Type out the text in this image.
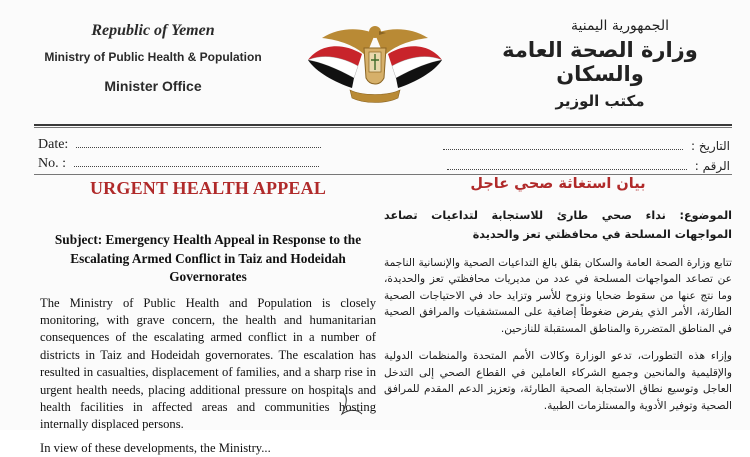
Republic of Yemen
Ministry of Public Health & Population
Minister Office
الجمهورية اليمنية
وزارة الصحة العامة والسكان
مكتب الوزير
Date:
No. :
التاريخ :
الرقم :
URGENT HEALTH APPEAL
Subject: Emergency Health Appeal in Response to the Escalating Armed Conflict in Taiz and Hodeidah Governorates

The Ministry of Public Health and Population is closely monitoring, with grave concern, the health and humanitarian consequences of the escalating armed conflict in a number of districts in Taiz and Hodeidah governorates. The escalation has resulted in casualties, displacement of families, and a sharp rise in urgent health needs, placing additional pressure on hospitals and health facilities in affected areas and communities hosting internally displaced persons.

In view of these developments, the Ministry...

بيان استغاثة صحي عاجل
الموضوع: نداء صحي طارئ للاستجابة لتداعيات تصاعد المواجهات المسلحة في محافظتي تعز والحديدة

تتابع وزارة الصحة العامة والسكان بقلق بالغ التداعيات الصحية والإنسانية الناجمة عن تصاعد المواجهات المسلحة في عدد من مديريات محافظتي تعز والحديدة، وما نتج عنها من سقوط ضحايا ونزوح للأسر وتزايد حاد في الاحتياجات الصحية الطارئة، الأمر الذي يفرض ضغوطاً إضافية على المستشفيات والمرافق الصحية في المناطق المتضررة والمناطق المستقبلة للنازحين.

وإزاء هذه التطورات، تدعو الوزارة وكالات الأمم المتحدة والمنظمات الدولية والإقليمية والمانحين وجميع الشركاء العاملين في القطاع الصحي إلى التدخل العاجل وتوسيع نطاق الاستجابة الصحية الطارئة، وتعزيز الدعم المقدم للمرافق الصحية وتوفير الأدوية والمستلزمات الطبية.
